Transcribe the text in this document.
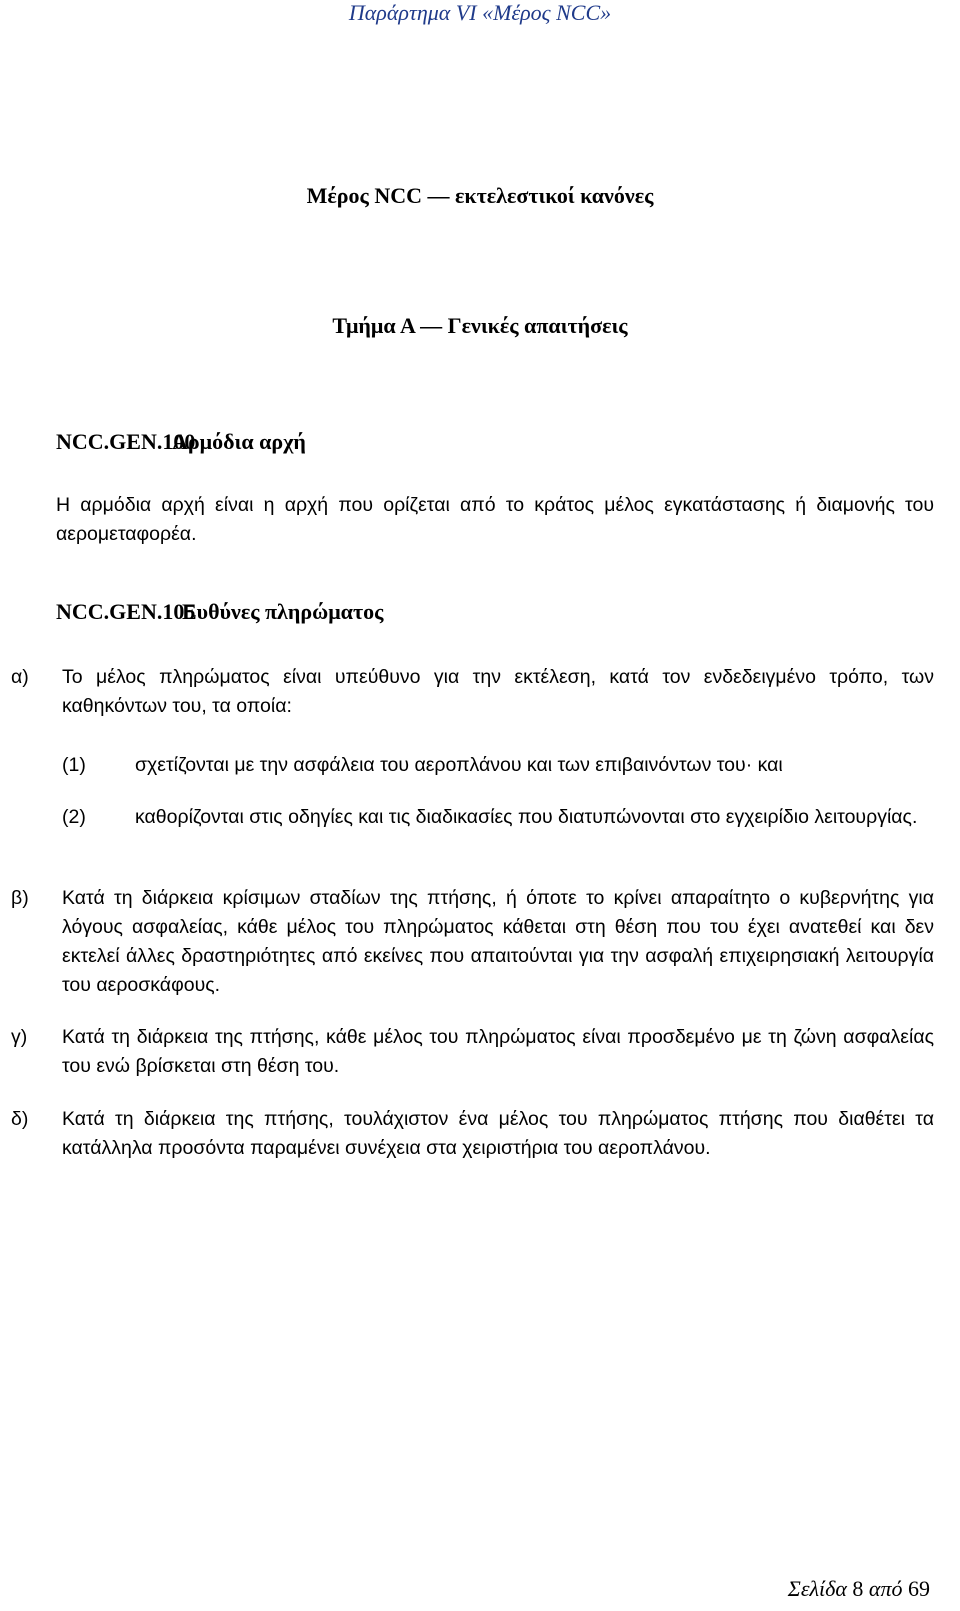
Παράρτημα VI «Μέρος NCC»
Μέρος NCC — εκτελεστικοί κανόνες
Τμήμα Α — Γενικές απαιτήσεις
NCC.GEN.100Αρμόδια αρχή
Η αρμόδια αρχή είναι η αρχή που ορίζεται από το κράτος μέλος εγκατάστασης ή διαμονής του αερομεταφορέα.
NCC.GEN.105Ευθύνες πληρώματος
α) Το μέλος πληρώματος είναι υπεύθυνο για την εκτέλεση, κατά τον ενδεδειγμένο τρόπο, των καθηκόντων του, τα οποία:
(1)	σχετίζονται με την ασφάλεια του αεροπλάνου και των επιβαινόντων του· και
(2)	καθορίζονται στις οδηγίες και τις διαδικασίες που διατυπώνονται στο εγχειρίδιο λειτουργίας.
β) Κατά τη διάρκεια κρίσιμων σταδίων της πτήσης, ή όποτε το κρίνει απαραίτητο ο κυβερνήτης για λόγους ασφαλείας, κάθε μέλος του πληρώματος κάθεται στη θέση που του έχει ανατεθεί και δεν εκτελεί άλλες δραστηριότητες από εκείνες που απαιτούνται για την ασφαλή επιχειρησιακή λειτουργία του αεροσκάφους.
γ) Κατά τη διάρκεια της πτήσης, κάθε μέλος του πληρώματος είναι προσδεμένο με τη ζώνη ασφαλείας του ενώ βρίσκεται στη θέση του.
δ) Κατά τη διάρκεια της πτήσης, τουλάχιστον ένα μέλος του πληρώματος πτήσης που διαθέτει τα κατάλληλα προσόντα παραμένει συνέχεια στα χειριστήρια του αεροπλάνου.
Σελίδα 8 από 69
